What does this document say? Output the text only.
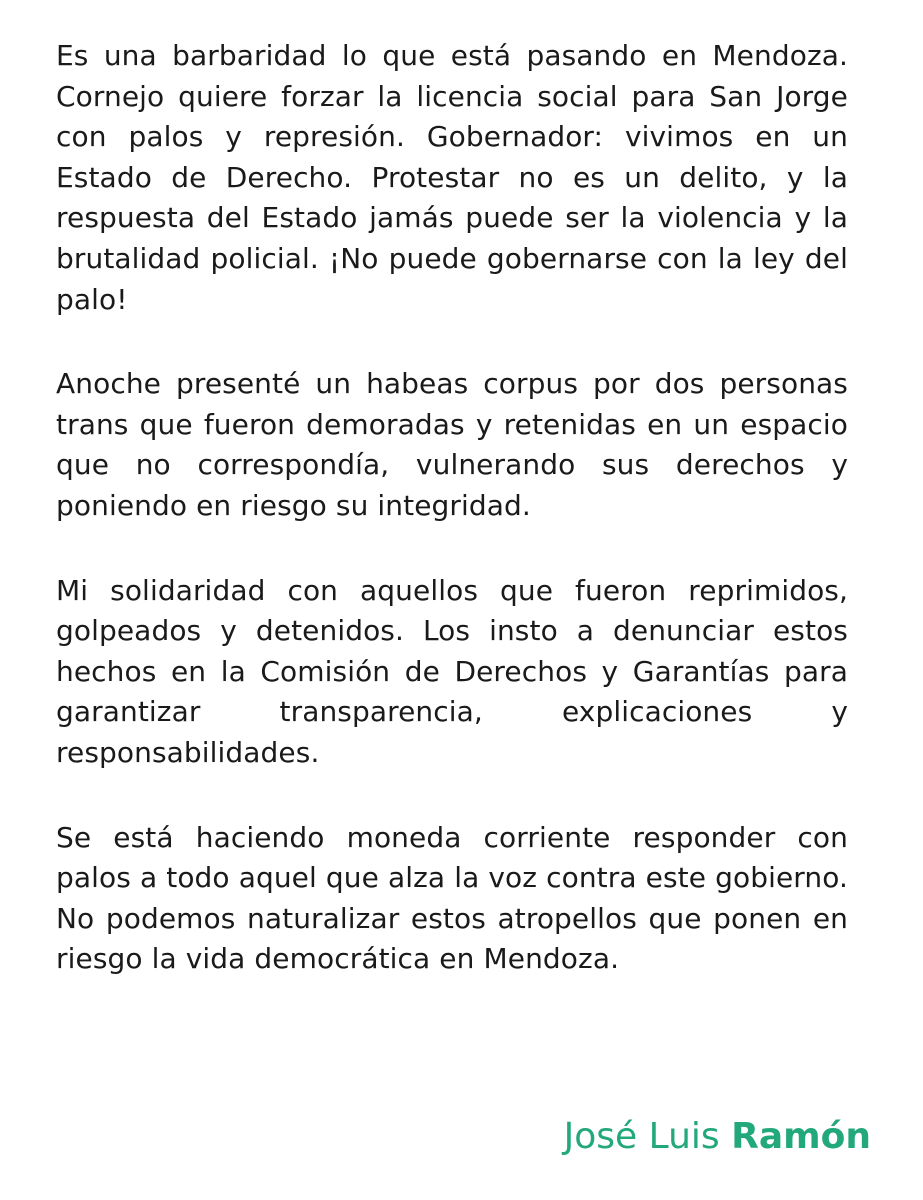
Es una barbaridad lo que está pasando en Mendoza. Cornejo quiere forzar la licencia social para San Jorge con palos y represión. Gobernador: vivimos en un Estado de Derecho. Protestar no es un delito, y la respuesta del Estado jamás puede ser la violencia y la brutalidad policial. ¡No puede gobernarse con la ley del palo!

Anoche presenté un habeas corpus por dos personas trans que fueron demoradas y retenidas en un espacio que no correspondía, vulnerando sus derechos y poniendo en riesgo su integridad.

Mi solidaridad con aquellos que fueron reprimidos, golpeados y detenidos. Los insto a denunciar estos hechos en la Comisión de Derechos y Garantías para garantizar transparencia, explicaciones y responsabilidades.

Se está haciendo moneda corriente responder con palos a todo aquel que alza la voz contra este gobierno. No podemos naturalizar estos atropellos que ponen en riesgo la vida democrática en Mendoza.

José Luis Ramón
